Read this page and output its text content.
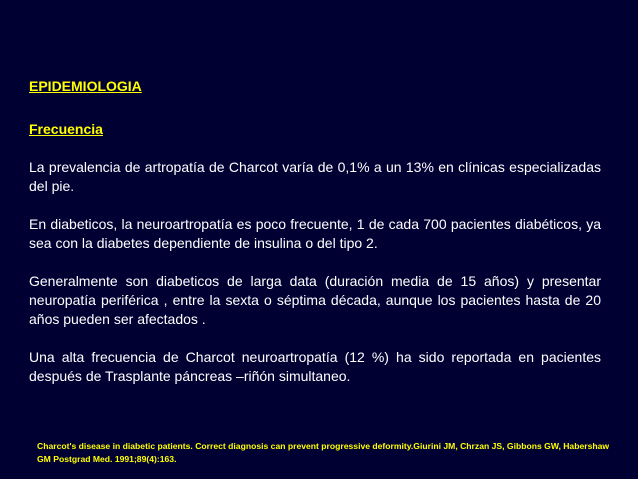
EPIDEMIOLOGIA

Frecuencia

La prevalencia de artropatía de Charcot varía de 0,1% a un 13% en clínicas especializadas del pie.

En diabeticos, la neuroartropatía es poco frecuente, 1 de cada 700 pacientes diabéticos, ya sea con la diabetes dependiente de insulina o del tipo 2.

Generalmente son diabeticos de larga data (duración media de 15 años) y presentar neuropatía periférica , entre la sexta o séptima década, aunque los pacientes hasta de 20 años pueden ser afectados .

Una alta frecuencia de Charcot neuroartropatía (12 %) ha sido reportada en pacientes después de Trasplante páncreas –riñón simultaneo.

Charcot's disease in diabetic patients. Correct diagnosis can prevent progressive deformity.Giurini JM, Chrzan JS, Gibbons GW, Habershaw GM Postgrad Med. 1991;89(4):163.
